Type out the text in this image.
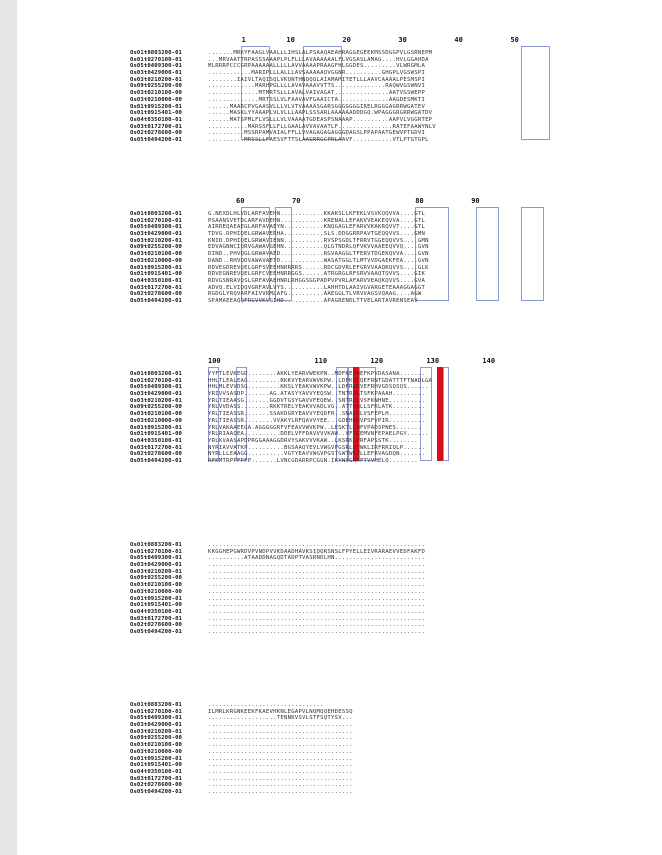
1	10	20	30	40	50
Os01t0803200-01	.......MRKYFAAGLVAALLLIHSLALPSAAQAEAHRAGGEGEEKMSSDGGPVLGSRNEPM
Os01t0270100-01	...MRVAATTRPASSSAAAPLPLFLLLAVAAAAAALFLVGSASLAMAG....HVLGGAHDA
Os05t0409300-01	MLRRRPCCCGRPAAAAAALLLLLAVVAAAAPRAAGFHLGGDES.........VLWRGMLA
Os03t0429000-01	............MARIPLLLALLLAVSAAAAAQVGGNR..........GHGPLVGSWSPI
Os03t0210200-01	........IAIVLTAQISQLVKQNTHNQQQLAIAMAMITETLLLAAVCAAAALPESMSPI
Os09t0255200-00	.............MARHPGLLLLAVAVAAAVVTTS..............RAQWVGSWNVI
Os03t0210100-00	..............MTMRTSLLLAVALVAIVAGAT...............AATVGSWEPP
Os03t0210000-00	..............MRTSSLVLFAAVAVFGAAICTA..............AAGDESMKTI
Os01t0915200-01	......MAARCPVGAASVLLLVLVTVAAAASGARSGGGGGGGIRELRGGGAGRRWGATEV
Os01t0915401-00	......MASKLYYAAAPLVLVLLLAAPLSSSARLAAAAAADDDGQ.WPAGGGRGRRWGATDV
Os04t0350100-01	......MATSPMLFLVSLLLVLVAAAATGDEASPSNAAAP..........AAPVLVGGRTEP
Os03t0172700-01	...........MARSSFLLFLLGAALAVVAVAATLF...............RATEFAAWYNLV
Os02t0278600-00	..........MSSRPAMVAIALFFLLVVAGAGAGAGGGDAGSLPPAPAATGEWVPTGDVI
Os05t0494200-01	..........MRSSLLFAESVFTTSLAAGRRGCPRLAAVF...........VTLPTGTGPL
60	70	80	90
Os01t0803200-01	G.NEXDLHLVDLARFAVEHN............KKAKSLLKFEKLVSVKQQVVA....GTL
Os01t0270100-01	PSAANSVETDLARFAVDEHN............KRENALLEFAKVVEAKEQVVA....GTL
Os05t0409300-01	AIRREQAEAEGLARFAVAEYN...........KNQGAGLEFARVVKAKRQVVT....GTL
Os03t0429000-01	TDVG.DPHIQELGRWAVERHA...........SLS.DDGGRRPAVTGEQQVVS....GMN
Os03t0210200-01	KNID.DPHIQELGRWAVIENN...........RVSPSGDLTFRRVTGGEQQVVS....GMN
Os09t0255200-00	EDVAGNNCIQRVGAWAVGEHN...........QLGTNDRLQFVKVVAAEEQVVQ....GVN
Os03t0210100-00	DIND..PHVQGLGRWAVAED............RGVAAGGLTFERVTDGEKQVVA....GVN
Os03t0210000-00	DAND..RHVQDVAWAVAETD............WASATGGLTLMTVVDGAEKFEA....GVN
Os01t0915200-01	RDVEGDREVQELGRFSVEEHNRRRRS......RDCGDVRLEFGRVVAAQRQVVS....GLK
Os01t0915401-00	RDVEGNREVQELGRFCVEEHNRRGGS......ATRGRGLRFSRVVAAQTQVVS....GIK
Os04t0350100-01	RDVGSNRAVQSLGRFAVAEHNRLRHGGSGGPADPVPVRLAFARVVEAQKQVVS....GVA
Os03t0172700-01	ADVQ.ELVIQQVGRFAVLVYS...........LAHHTDLAAIVGVARGETEAAAGGAGGT
Os02t0278600-00	RGDGLYRQVARFAIVVRMLAFG..........AAEGGLTLVRVVAGSVQAAG....AGW
Os05t0494200-01	SPAMAEEAQQFRGVVKVGIHD...........APAGRENDLTTVELARTAVRENSEAV
100	110	120	130	140
Os01t0803200-01	YYFTLEVKEGD........AKKLYEARVWEKPN..MDFKEDQEFKPVDASANA.......
Os01t0270100-01	HHLTLEALEAG.........RKKVYEARVWVKPW..LDFKELQEFRNTGDATTTFTNADLGA
Os05t0409300-01	HHLMLEVVDSG.........KKSLYEAKVWVKPW..LDFRAKVEFRHVGDSQSQS......
Os03t0429000-01	YRIVVSASDP.......AG.ATASYYAVVYEQSW..TNTRQLTSFKPAAAH.........
Os03t0210200-01	YRLTIEAASG.......GGDVTGSYGAVVFEQEW..SNTRKLVSFKNHNE..........
Os09t0255200-00	YRLVVDASS........RKKTRELYEAKVVADLVG..ATTHQLLSFKLATK.........
Os03t0210100-00	YRLTIEASSR.......SSAKDGRYEAVVYEQDFR..SNAKKLVSFEPLH..........
Os03t0210000-00	YRLTIEASSR........VVAKYLRFQAVVYEE...GDEHKKVPSFVPIR..........
Os01t0915200-01	YRLVAKAAEEGA.AGGGGGRFVFEAVVWVKPW..LESKTLLNFVPADSPNES.......
Os01t0915401-00	YRLRIAAQEA..........DDELVFFDAVVVVKAW..VFSKEMVNFEPAELPGY......
Os04t0350100-01	YRLKVAASAPDPRGGAAAGGDRVYSAKVVVKAW..LKSRKLVRFAPSSTK........
Os03t0172700-01	NYRIAVVATKP..........BGSAAQYEVLVWGVPGSRLDTWKLIRFRRIQLP......
Os02t0278600-00	NYRLLLEAAGG..........VGTYEAVVWGVPGSTGWTWKVLLEFRVAGDQN.......
Os05t0494200-01	RFKMTRPPFPFP.......LVNCGDARRPCGGN.IKYNSGNKFTVVHELQ........
Os01t0803200-01	............................................................
Os01t0270100-01	KKGGHEPGWRDVPVNDPVVKDAADHAVKSIQQRSNSLFPYELLEIVRARAEVVEDFAKFD
Os05t0409300-01	..........ATAADDNAGQDTADPTVASRNDLHN.........................
Os03t0429000-01	............................................................
Os03t0210200-01	............................................................
Os09t0255200-00	............................................................
Os03t0210100-00	............................................................
Os03t0210000-00	............................................................
Os01t0915200-01	............................................................
Os01t0915401-00	............................................................
Os04t0350100-01	............................................................
Os03t0172700-01	............................................................
Os02t0278600-00	............................................................
Os05t0494200-01	............................................................
Os01t0803200-01	................................
Os01t0270100-01	ILMRLKRGNKEEKFKAEVHKNLEGAPVLNQMQQEHDESSQ
Os05t0409300-01	...................TENNKVSVLSTFSQTYSV...
Os03t0429000-01	........................................
Os03t0210200-01	........................................
Os09t0255200-00	........................................
Os03t0210100-00	........................................
Os03t0210000-00	........................................
Os01t0915200-01	........................................
Os01t0915401-00	........................................
Os04t0350100-01	........................................
Os03t0172700-01	........................................
Os02t0278600-00	........................................
Os05t0494200-01	........................................
